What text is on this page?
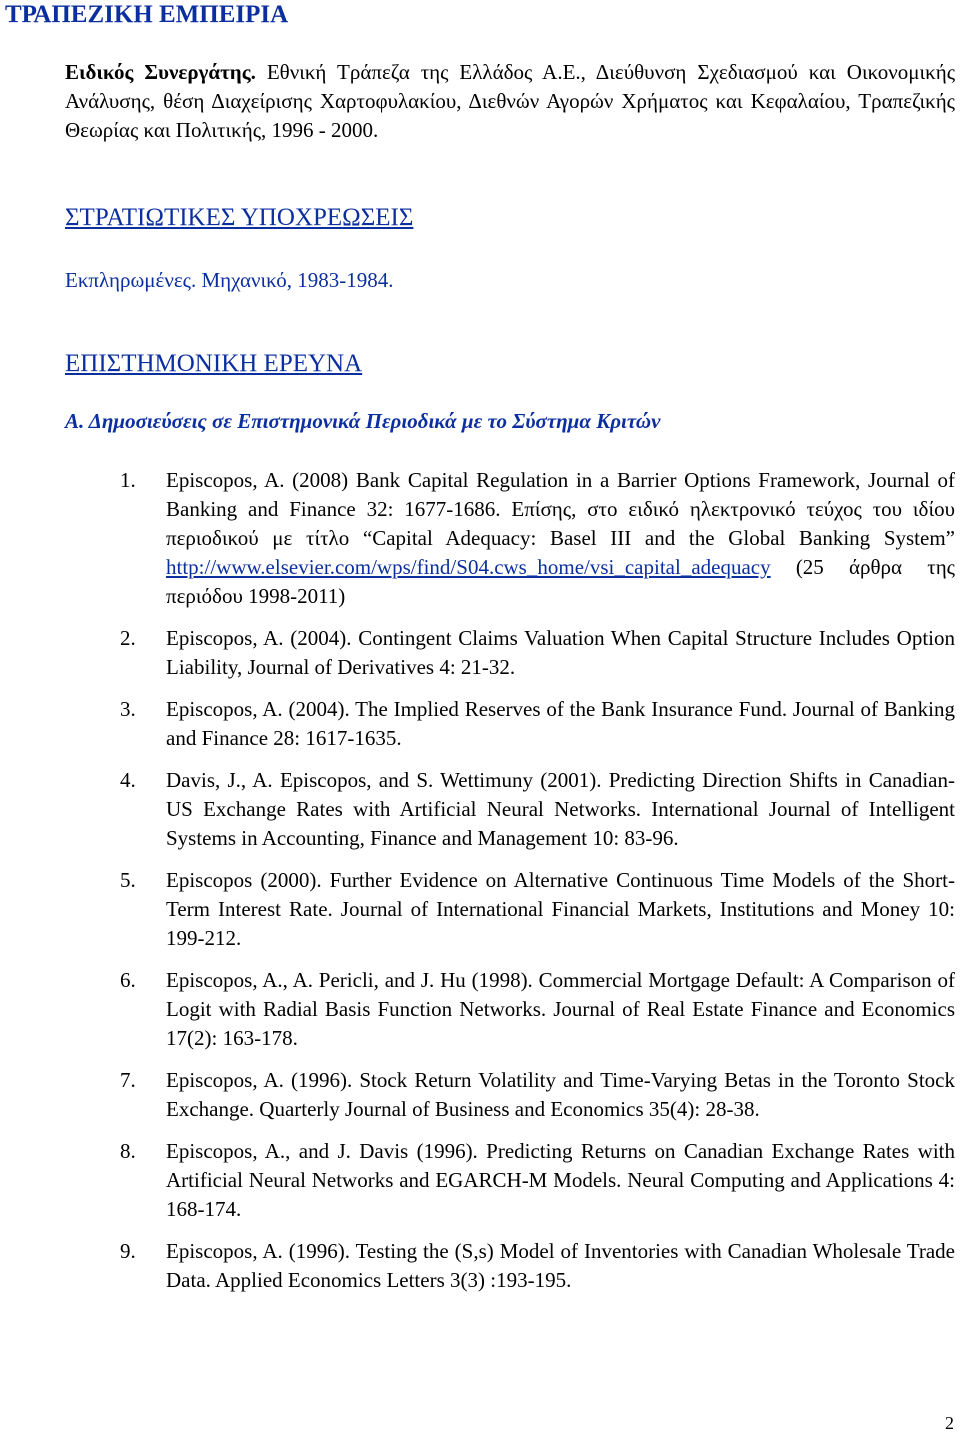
ΤΡΑΠΕΖΙΚΗ ΕΜΠΕΙΡΙΑ
Ειδικός Συνεργάτης. Εθνική Τράπεζα της Ελλάδος Α.Ε., Διεύθυνση Σχεδιασμού και Οικονομικής Ανάλυσης, θέση Διαχείρισης Χαρτοφυλακίου, Διεθνών Αγορών Χρήματος και Κεφαλαίου, Τραπεζικής Θεωρίας και Πολιτικής, 1996 - 2000.
ΣΤΡΑΤΙΩΤΙΚΕΣ ΥΠΟΧΡΕΩΣΕΙΣ
Εκπληρωμένες. Μηχανικό, 1983-1984.
ΕΠΙΣΤΗΜΟΝΙΚΗ ΕΡΕΥΝΑ
Α. Δημοσιεύσεις σε Επιστημονικά Περιοδικά με το Σύστημα Κριτών
1.	Episcopos, A. (2008) Bank Capital Regulation in a Barrier Options Framework, Journal of Banking and Finance 32: 1677-1686. Επίσης, στο ειδικό ηλεκτρονικό τεύχος του ιδίου περιοδικού με τίτλο “Capital Adequacy: Basel III and the Global Banking System” http://www.elsevier.com/wps/find/S04.cws_home/vsi_capital_adequacy (25 άρθρα της περιόδου 1998-2011)
2.	Episcopos, A. (2004). Contingent Claims Valuation When Capital Structure Includes Option Liability, Journal of Derivatives 4: 21-32.
3.	Episcopos, A. (2004). The Implied Reserves of the Bank Insurance Fund. Journal of Banking and Finance 28: 1617-1635.
4.	Davis, J., A. Episcopos, and S. Wettimuny (2001). Predicting Direction Shifts in Canadian-US Exchange Rates with Artificial Neural Networks. International Journal of Intelligent Systems in Accounting, Finance and Management 10: 83-96.
5.	Episcopos (2000). Further Evidence on Alternative Continuous Time Models of the Short-Term Interest Rate. Journal of International Financial Markets, Institutions and Money 10: 199-212.
6.	Episcopos, A., A. Pericli, and J. Hu (1998). Commercial Mortgage Default: A Comparison of Logit with Radial Basis Function Networks. Journal of Real Estate Finance and Economics 17(2): 163-178.
7.	Episcopos, A. (1996). Stock Return Volatility and Time-Varying Betas in the Toronto Stock Exchange. Quarterly Journal of Business and Economics 35(4): 28-38.
8.	Episcopos, A., and J. Davis (1996). Predicting Returns on Canadian Exchange Rates with Artificial Neural Networks and EGARCH-M Models. Neural Computing and Applications 4: 168-174.
9.	Episcopos, A. (1996). Testing the (S,s) Model of Inventories with Canadian Wholesale Trade Data. Applied Economics Letters 3(3) :193-195.
2
